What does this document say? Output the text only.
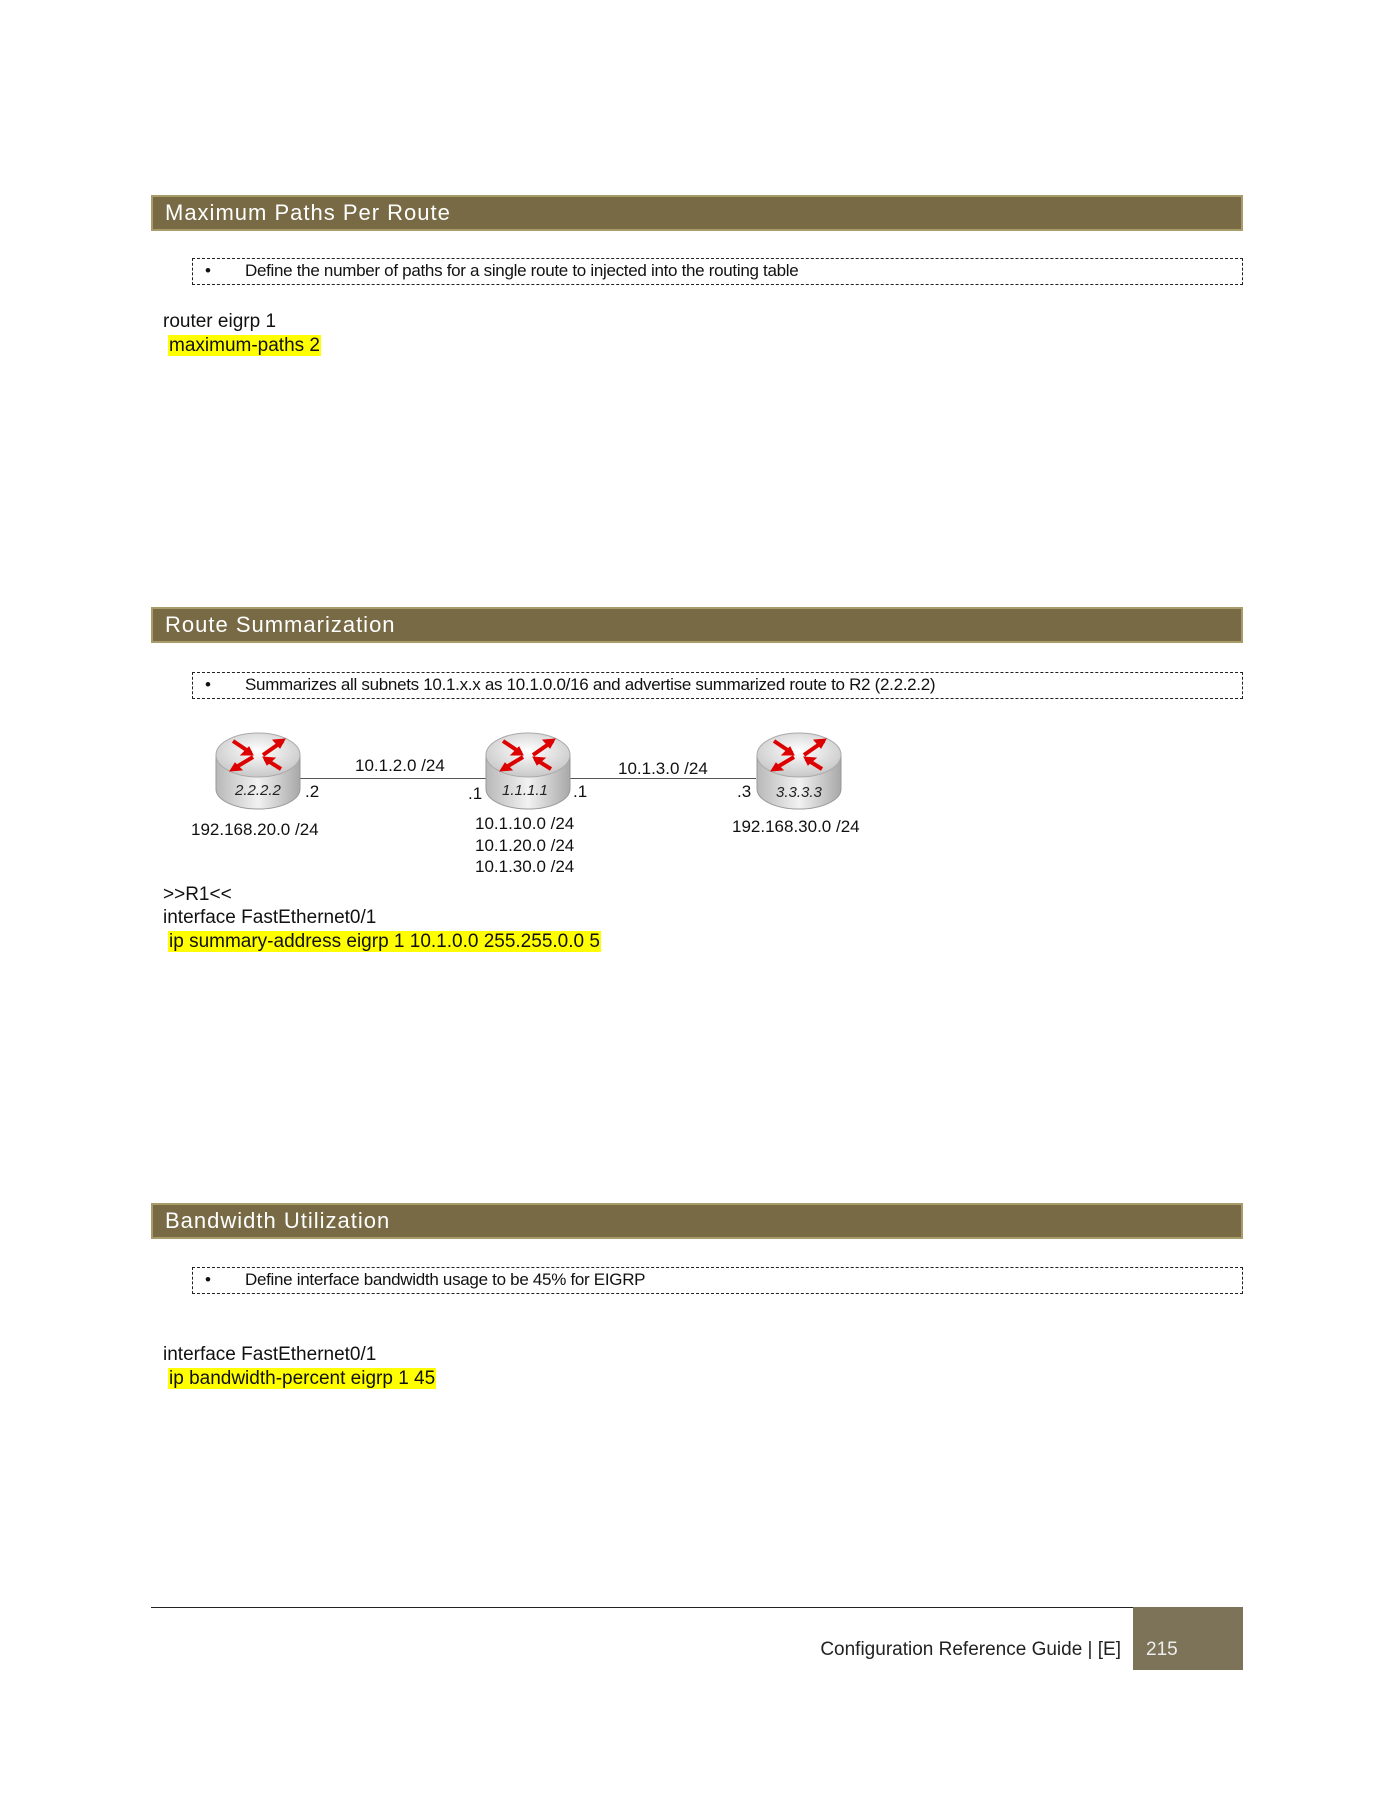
Maximum Paths Per Route
• Define the number of paths for a single route to injected into the routing table
router eigrp 1
maximum-paths 2
Route Summarization
• Summarizes all subnets 10.1.x.x as 10.1.0.0/16 and advertise summarized route to R2 (2.2.2.2)
2.2.2.2	1.1.1.1	3.3.3.3
.2	.1	.1	.3
10.1.2.0 /24	10.1.3.0 /24
192.168.20.0 /24	10.1.10.0 /24
10.1.20.0 /24
10.1.30.0 /24
192.168.30.0 /24
>>R1<<
interface FastEthernet0/1
ip summary-address eigrp 1 10.1.0.0 255.255.0.0 5
Bandwidth Utilization
• Define interface bandwidth usage to be 45% for EIGRP
interface FastEthernet0/1
ip bandwidth-percent eigrp 1 45
Configuration Reference Guide | [E]	215
